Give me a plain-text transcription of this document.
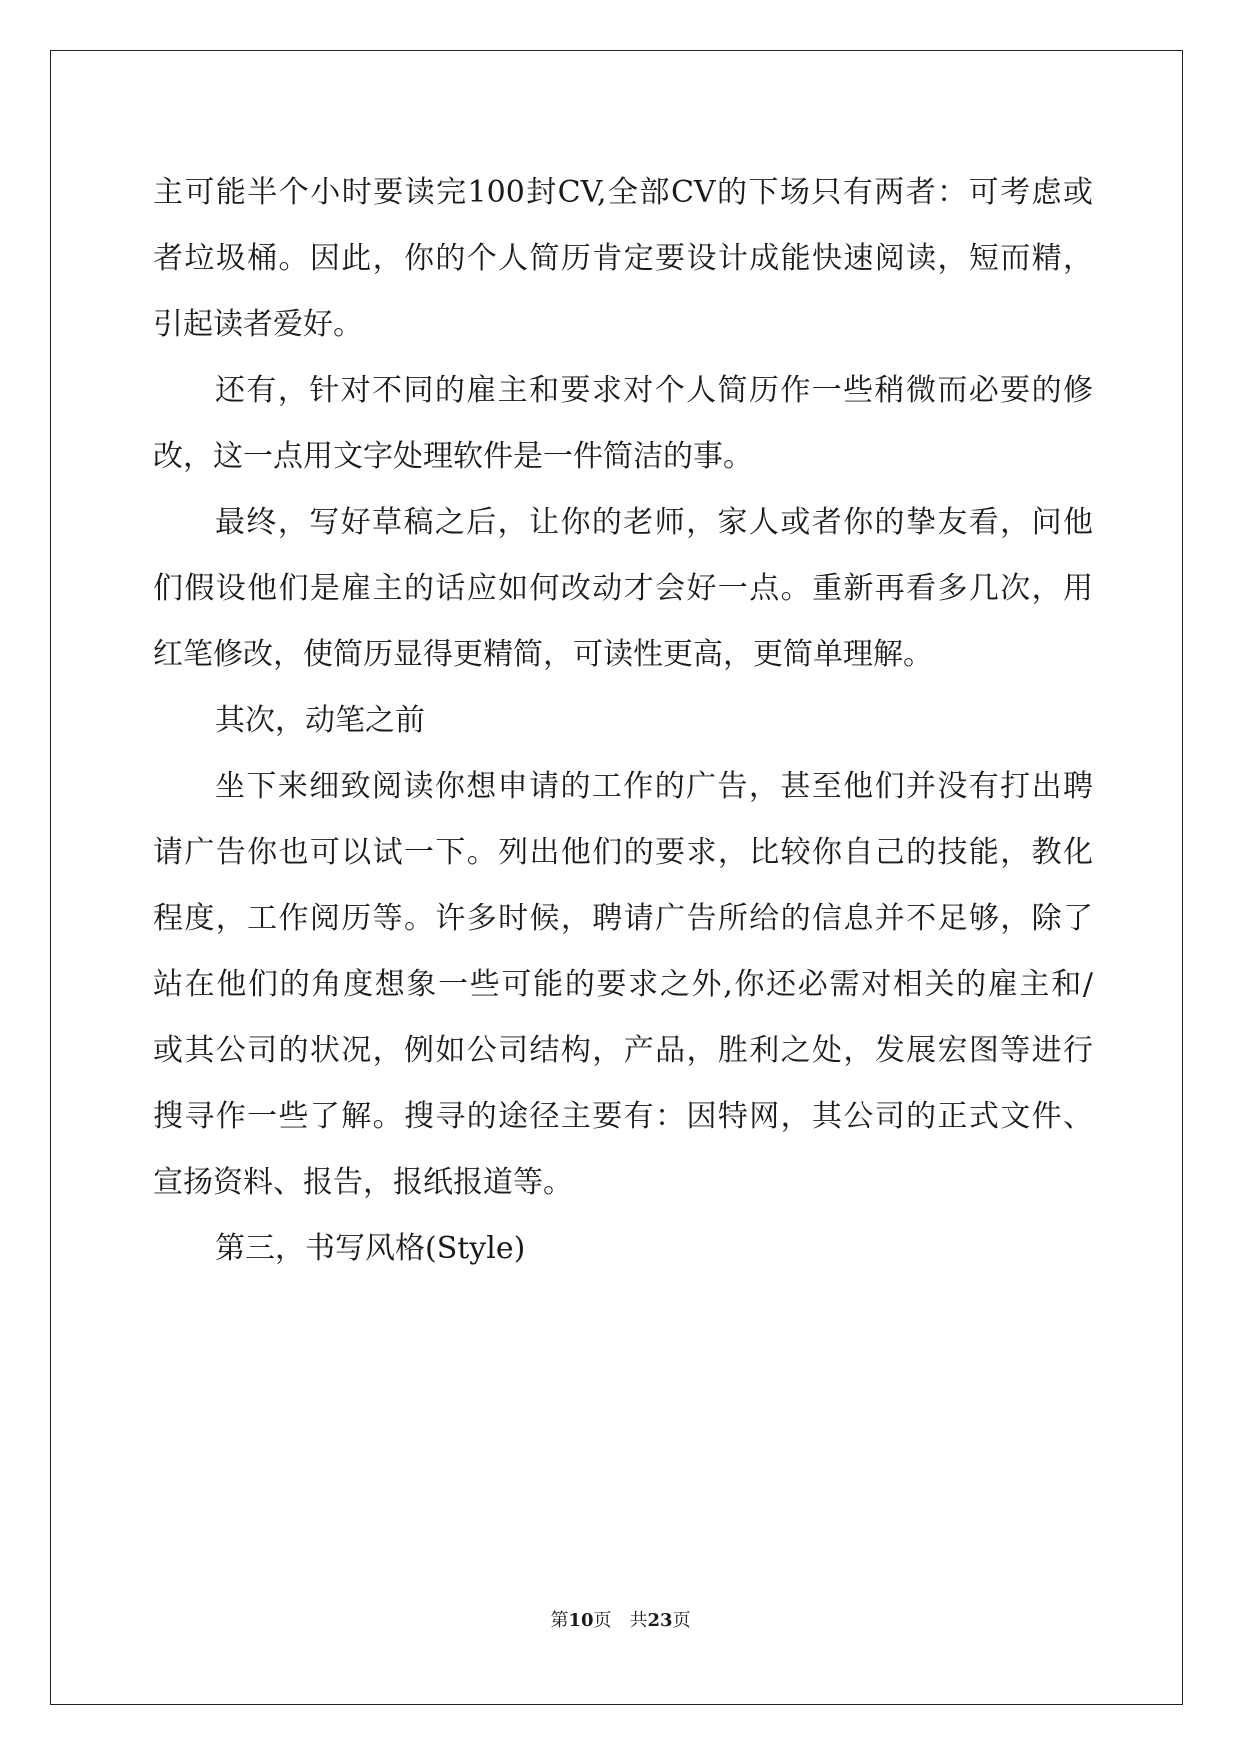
主可能半个小时要读完100封CV,全部CV的下场只有两者：可考虑或
者垃圾桶。因此，你的个人简历肯定要设计成能快速阅读，短而精，
引起读者爱好。
还有，针对不同的雇主和要求对个人简历作一些稍微而必要的修
改，这一点用文字处理软件是一件简洁的事。
最终，写好草稿之后，让你的老师，家人或者你的挚友看，问他
们假设他们是雇主的话应如何改动才会好一点。重新再看多几次，用
红笔修改，使简历显得更精简，可读性更高，更简单理解。
其次，动笔之前
坐下来细致阅读你想申请的工作的广告，甚至他们并没有打出聘
请广告你也可以试一下。列出他们的要求，比较你自己的技能，教化
程度，工作阅历等。许多时候，聘请广告所给的信息并不足够，除了
站在他们的角度想象一些可能的要求之外,你还必需对相关的雇主和/
或其公司的状况，例如公司结构，产品，胜利之处，发展宏图等进行
搜寻作一些了解。搜寻的途径主要有：因特网，其公司的正式文件、
宣扬资料、报告，报纸报道等。
第三，书写风格(Style)
第10页 共23页
